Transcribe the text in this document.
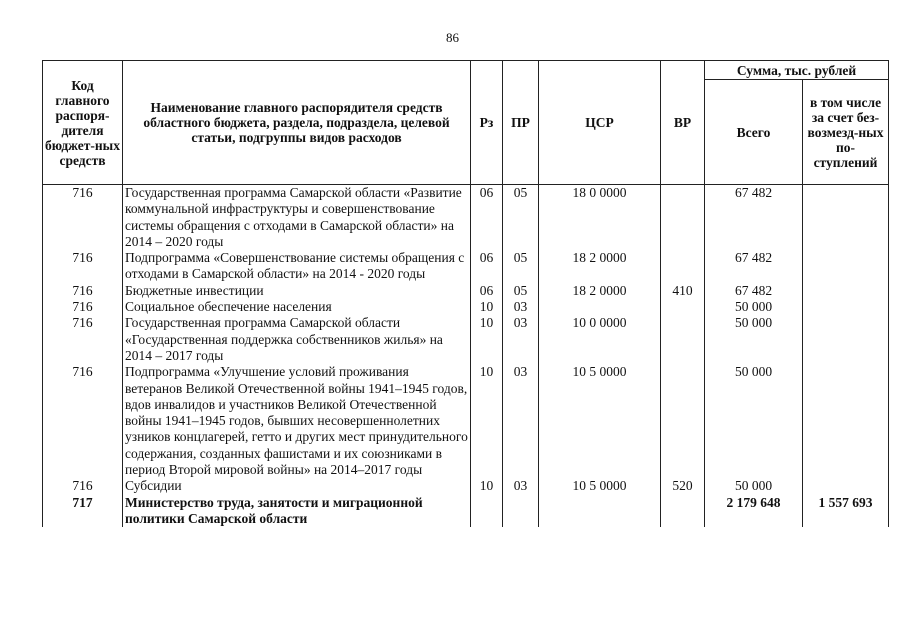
86
Код главного распоря-дителя бюджет-ных средств	Наименование главного распорядителя средств областного бюджета, раздела, подраздела, целевой статьи, подгруппы видов расходов	Рз	ПР	ЦСР	ВР	Сумма, тыс. рублей	
						Всего	в том числе за счет без-возмезд-ных по-ступлений
716	Государственная программа Самарской области «Развитие коммунальной инфраструктуры и совершенствование системы обращения с отходами в Самарской области» на 2014 – 2020 годы	06	05	18 0 0000		67 482	
716	Подпрограмма «Совершенствование системы обращения с отходами в Самарской области» на 2014 - 2020 годы	06	05	18 2 0000		67 482	
716	Бюджетные инвестиции	06	05	18 2 0000	410	67 482	
716	Социальное обеспечение населения	10	03			50 000	
716	Государственная программа Самарской области «Государственная поддержка собственников жилья» на 2014 – 2017 годы	10	03	10 0 0000		50 000	
716	Подпрограмма «Улучшение условий проживания ветеранов Великой Отечественной войны 1941–1945 годов, вдов инвалидов и участников Великой Отечественной войны 1941–1945 годов, бывших несовершеннолетних узников концлагерей, гетто и других мест принудительного содержания, созданных фашистами и их союзниками в период Второй мировой войны» на 2014–2017 годы	10	03	10 5 0000		50 000	
716	Субсидии	10	03	10 5 0000	520	50 000	
717	Министерство труда, занятости и миграционной политики Самарской области					2 179 648	1 557 693
